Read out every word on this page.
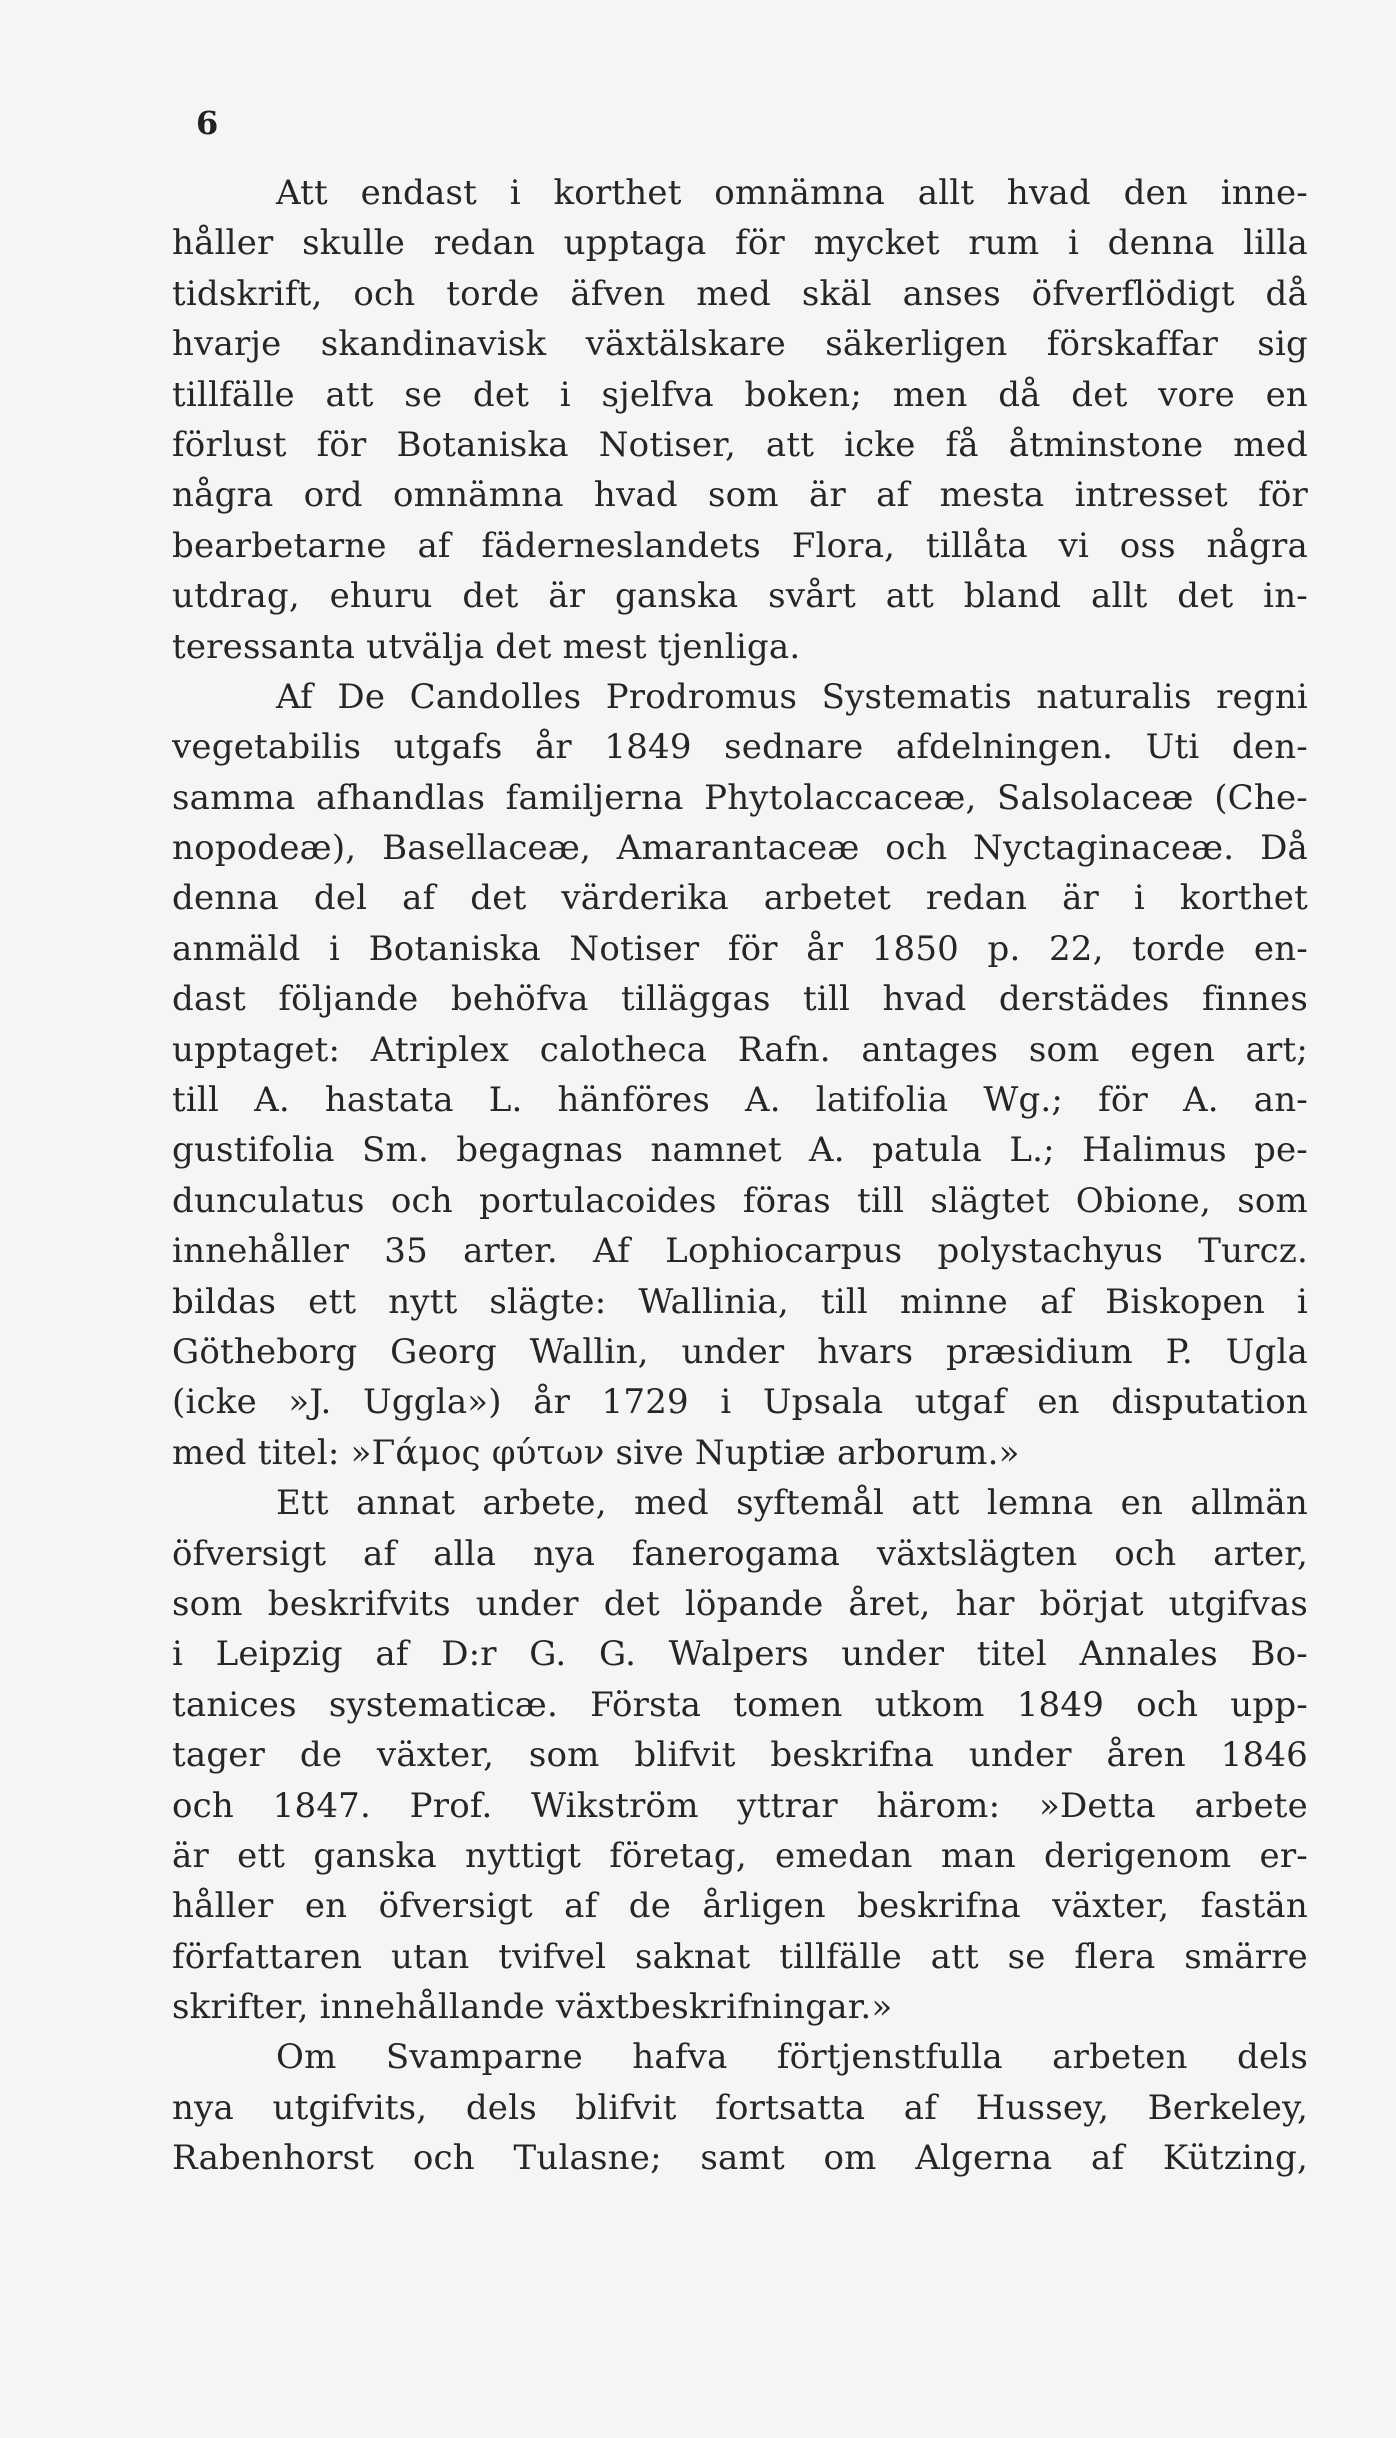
6
Att endast i korthet omnämna allt hvad den inne-
håller skulle redan upptaga för mycket rum i denna lilla
tidskrift, och torde äfven med skäl anses öfverflödigt då
hvarje skandinavisk växtälskare säkerligen förskaffar sig
tillfälle att se det i sjelfva boken; men då det vore en
förlust för Botaniska Notiser, att icke få åtminstone med
några ord omnämna hvad som är af mesta intresset för
bearbetarne af fäderneslandets Flora, tillåta vi oss några
utdrag, ehuru det är ganska svårt att bland allt det in-
teressanta utvälja det mest tjenliga.
Af De Candolles Prodromus Systematis naturalis regni
vegetabilis utgafs år 1849 sednare afdelningen. Uti den-
samma afhandlas familjerna Phytolaccaceæ, Salsolaceæ (Che-
nopodeæ), Basellaceæ, Amarantaceæ och Nyctaginaceæ. Då
denna del af det värderika arbetet redan är i korthet
anmäld i Botaniska Notiser för år 1850 p. 22, torde en-
dast följande behöfva tilläggas till hvad derstädes finnes
upptaget: Atriplex calotheca Rafn. antages som egen art;
till A. hastata L. hänföres A. latifolia Wg.; för A. an-
gustifolia Sm. begagnas namnet A. patula L.; Halimus pe-
dunculatus och portulacoides föras till slägtet Obione, som
innehåller 35 arter. Af Lophiocarpus polystachyus Turcz.
bildas ett nytt slägte: Wallinia, till minne af Biskopen i
Götheborg Georg Wallin, under hvars præsidium P. Ugla
(icke »J. Uggla») år 1729 i Upsala utgaf en disputation
med titel: »Γάμος φύτων sive Nuptiæ arborum.»
Ett annat arbete, med syftemål att lemna en allmän
öfversigt af alla nya fanerogama växtslägten och arter,
som beskrifvits under det löpande året, har börjat utgifvas
i Leipzig af D:r G. G. Walpers under titel Annales Bo-
tanices systematicæ. Första tomen utkom 1849 och upp-
tager de växter, som blifvit beskrifna under åren 1846
och 1847. Prof. Wikström yttrar härom: »Detta arbete
är ett ganska nyttigt företag, emedan man derigenom er-
håller en öfversigt af de årligen beskrifna växter, fastän
författaren utan tvifvel saknat tillfälle att se flera smärre
skrifter, innehållande växtbeskrifningar.»
Om Svamparne hafva förtjenstfulla arbeten dels
nya utgifvits, dels blifvit fortsatta af Hussey, Berkeley,
Rabenhorst och Tulasne; samt om Algerna af Kützing,
